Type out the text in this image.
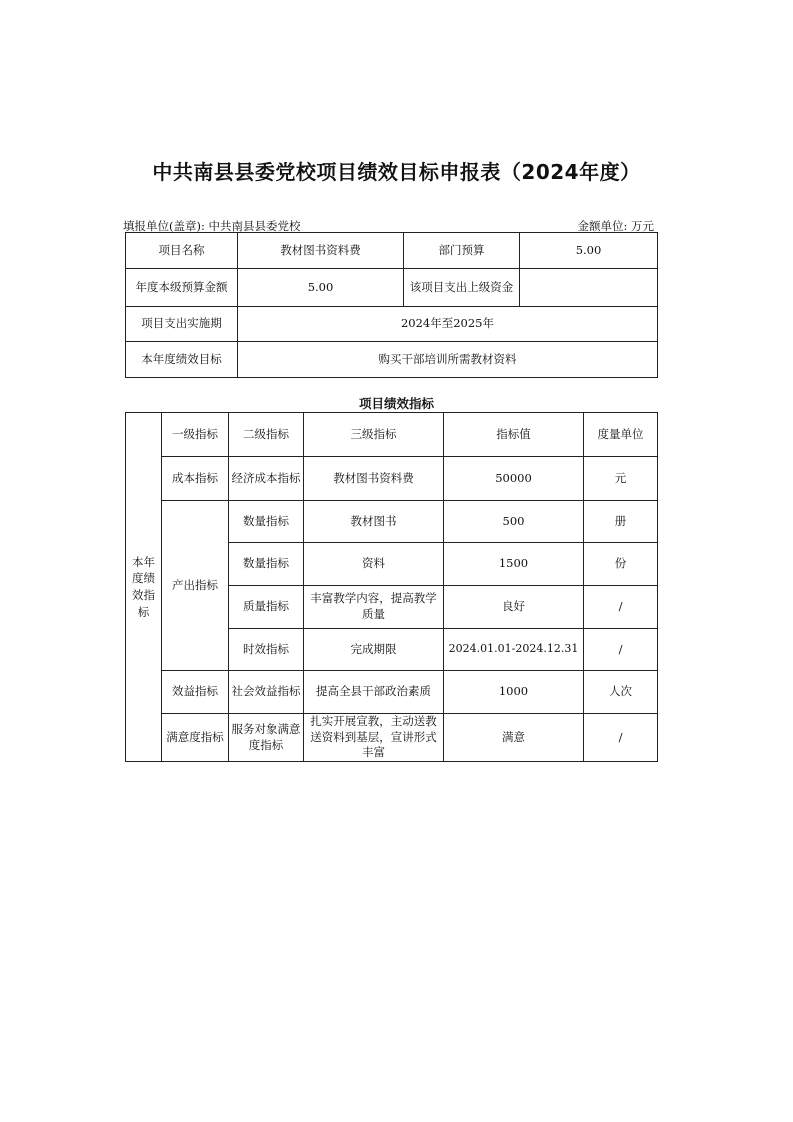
中共南县县委党校项目绩效目标申报表（2024年度）
填报单位(盖章): 中共南县县委党校	金额单位: 万元
项目名称	教材图书资料费	部门预算	5.00
年度本级预算金额	5.00	该项目支出上级资金	
项目支出实施期	2024年至2025年		
本年度绩效目标	购买干部培训所需教材资料		
项目绩效指标
本年度绩效指标	一级指标	二级指标	三级指标	指标值	度量单位
	成本指标	经济成本指标	教材图书资料费	50000	元
	产出指标	数量指标	教材图书	500	册
		数量指标	资料	1500	份
		质量指标	丰富教学内容，提高教学质量	良好	/
		时效指标	完成期限	2024.01.01-2024.12.31	/
	效益指标	社会效益指标	提高全县干部政治素质	1000	人次
	满意度指标	服务对象满意度指标	扎实开展宣教，主动送教送资料到基层，宣讲形式丰富	满意	/
